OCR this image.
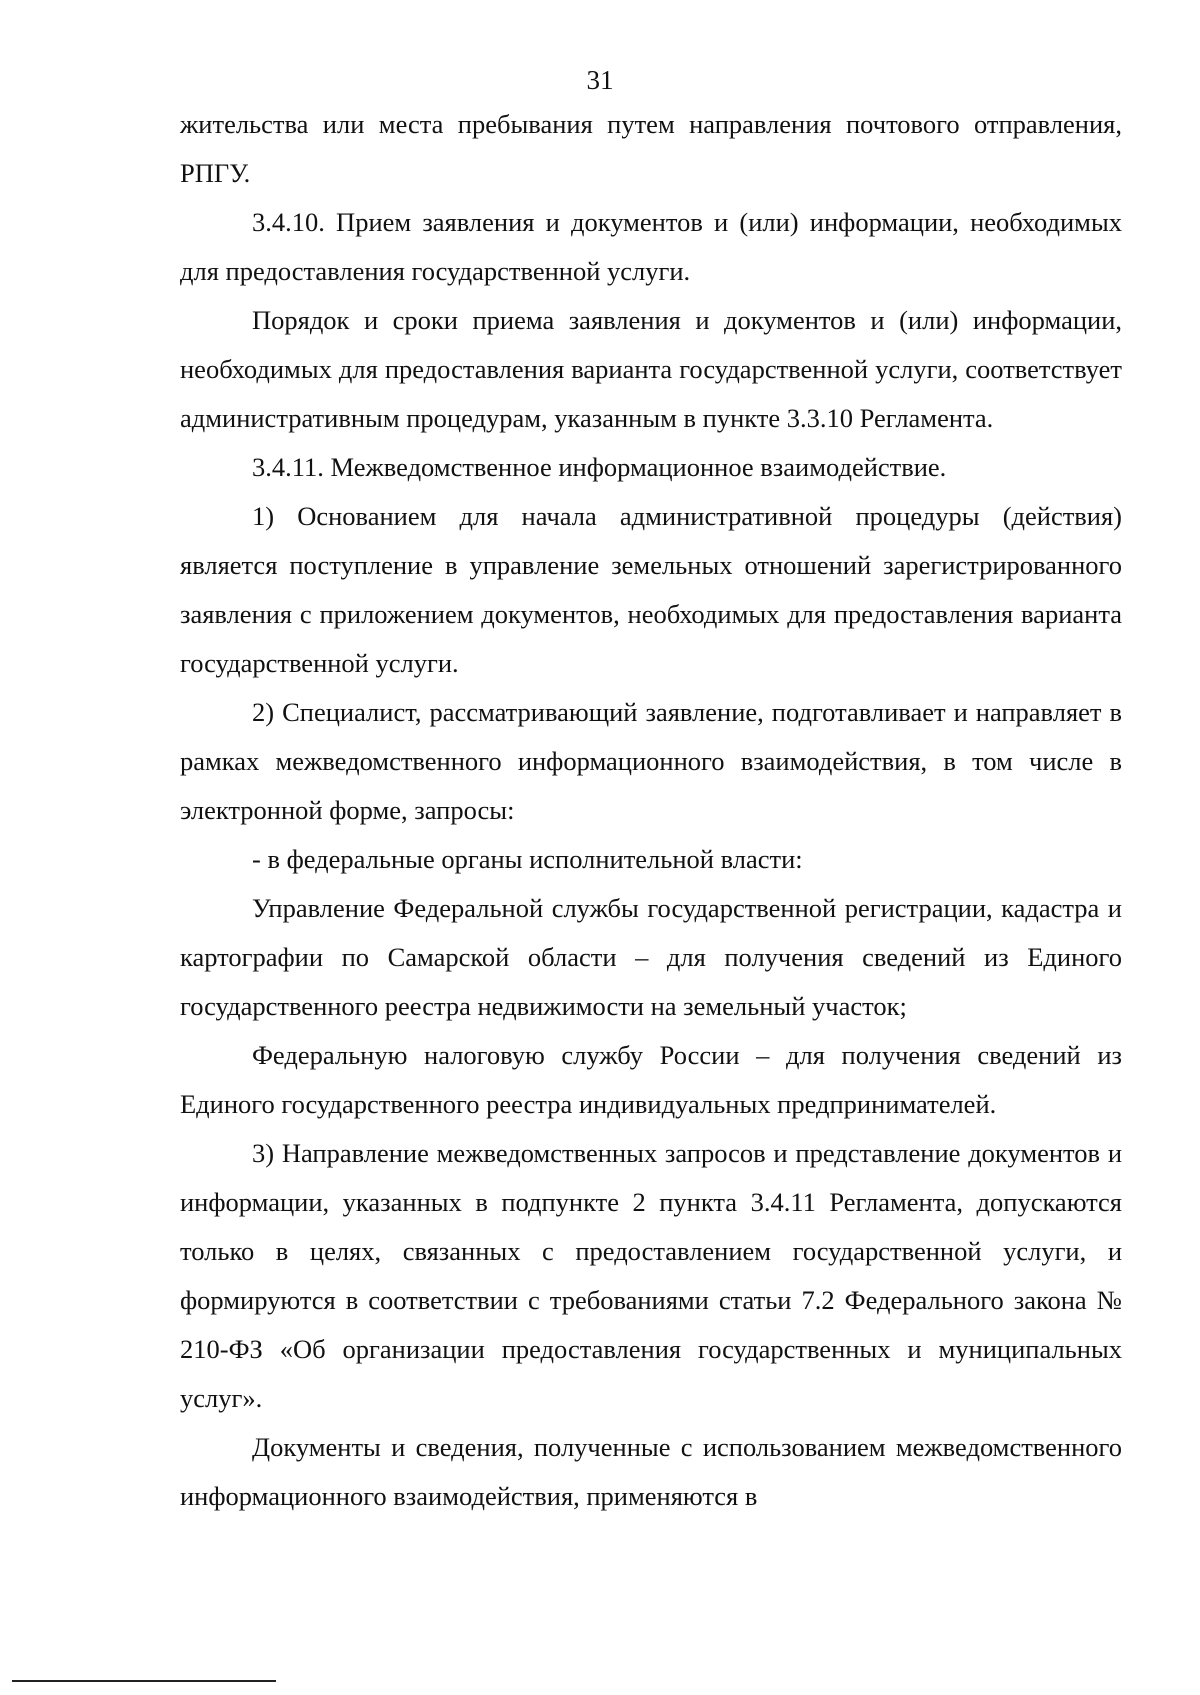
31

жительства или места пребывания путем направления почтового отправления, РПГУ.

3.4.10. Прием заявления и документов и (или) информации, необходимых для предоставления государственной услуги.

Порядок и сроки приема заявления и документов и (или) информации, необходимых для предоставления варианта государственной услуги, соответствует административным процедурам, указанным в пункте 3.3.10 Регламента.

3.4.11. Межведомственное информационное взаимодействие.

1) Основанием для начала административной процедуры (действия) является поступление в управление земельных отношений зарегистрированного заявления с приложением документов, необходимых для предоставления варианта государственной услуги.

2) Специалист, рассматривающий заявление, подготавливает и направляет в рамках межведомственного информационного взаимодействия, в том числе в электронной форме, запросы:

- в федеральные органы исполнительной власти:

Управление Федеральной службы государственной регистрации, кадастра и картографии по Самарской области – для получения сведений из Единого государственного реестра недвижимости на земельный участок;

Федеральную налоговую службу России – для получения сведений из Единого государственного реестра индивидуальных предпринимателей.

3) Направление межведомственных запросов и представление документов и информации, указанных в подпункте 2 пункта 3.4.11 Регламента, допускаются только в целях, связанных с предоставлением государственной услуги, и формируются в соответствии с требованиями статьи 7.2 Федерального закона № 210-ФЗ «Об организации предоставления государственных и муниципальных услуг».

Документы и сведения, полученные с использованием межведомственного информационного взаимодействия, применяются в
